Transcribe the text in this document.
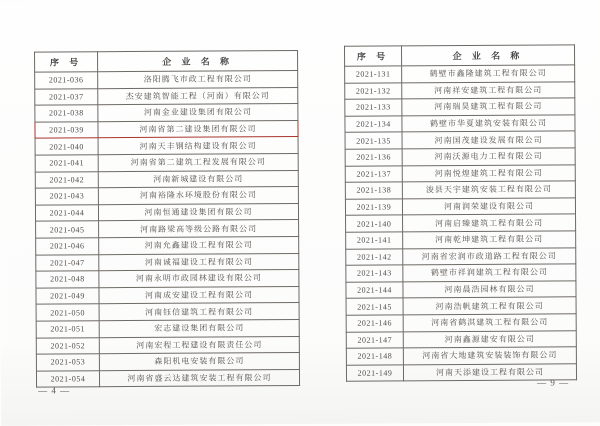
序 号	企 业 名 称
2021-036	洛阳腾飞市政工程有限公司
2021-037	杰安建筑智能工程（河南）有限公司
2021-038	河南金业建设集团有限公司
2021-039	河南省第二建设集团有限公司
2021-040	河南天丰钢结构建设有限公司
2021-041	河南省第二建筑工程发展有限公司
2021-042	河南新城建设有限公司
2021-043	河南裕隆水环境股份有限公司
2021-044	河南恒通建设集团有限公司
2021-045	河南路梁高等级公路有限公司
2021-046	河南允鑫建设工程有限公司
2021-047	河南诚福建设工程有限公司
2021-048	河南永明市政园林建设有限公司
2021-049	河南成安建设工程有限公司
2021-050	河南钰信建筑工程有限公司
2021-051	宏志建设集团有限公司
2021-052	河南宏程工程建设有限责任公司
2021-053	森阳机电安装有限公司
2021-054	河南省盛云达建筑安装工程有限公司
序 号	企 业 名 称
2021-131	鹤壁市鑫隆建筑工程有限公司
2021-132	河南祥安建筑工程有限公司
2021-133	河南瑞昊建筑工程有限公司
2021-134	鹤壁市华夏建筑安装有限公司
2021-135	河南国茂建设发展有限公司
2021-136	河南沃源电力工程有限公司
2021-137	河南悦煌建筑工程有限公司
2021-138	浚县天宇建筑安装工程有限公司
2021-139	河南润荣建设有限公司
2021-140	河南启臻建筑工程有限公司
2021-141	河南乾坤建筑工程有限公司
2021-142	河南省宏润市政道路工程有限公司
2021-143	鹤壁市祥润建筑工程有限公司
2021-144	河南晨浩园林有限公司
2021-145	河南浩帆建筑工程有限公司
2021-146	河南省鹤淇建筑工程有限公司
2021-147	河南鑫源建安有限公司
2021-148	河南省大地建筑安装装饰有限公司
2021-149	河南天添建设工程有限公司
— 4 —
— 9 —
